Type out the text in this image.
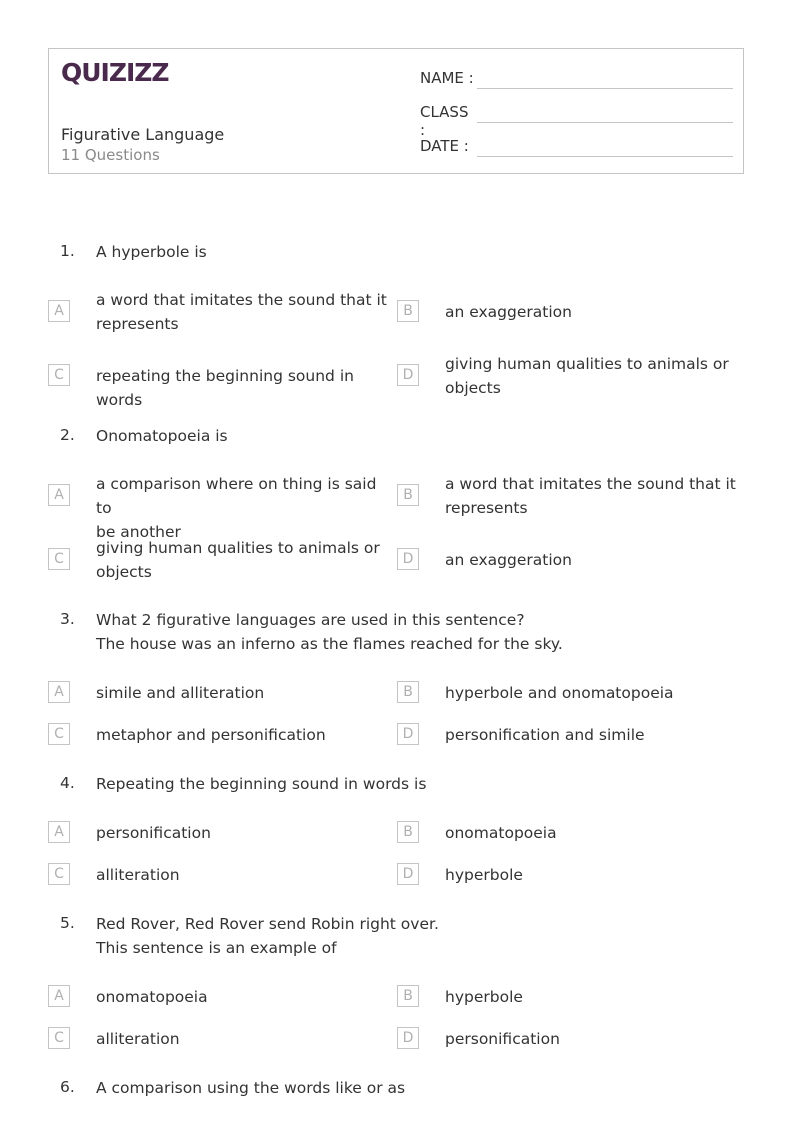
QUIZIZZ
Figurative Language
11 Questions
NAME :
CLASS :
DATE :
1. A hyperbole is
A
a word that imitates the sound that it
represents
B	an exaggeration
C	repeating the beginning sound in words
D
giving human qualities to animals or
objects
2. Onomatopoeia is
A
a comparison where on thing is said to
be another
B
a word that imitates the sound that it
represents
C
giving human qualities to animals or
objects
D	an exaggeration
3. What 2 figurative languages are used in this sentence?
The house was an inferno as the flames reached for the sky.
A	simile and alliteration	B	hyperbole and onomatopoeia
C	metaphor and personification	D	personification and simile
4. Repeating the beginning sound in words is
A	personification	B	onomatopoeia
C	alliteration	D	hyperbole
5. Red Rover, Red Rover send Robin right over.
This sentence is an example of
A	onomatopoeia	B	hyperbole
C	alliteration	D	personification
6. A comparison using the words like or as
